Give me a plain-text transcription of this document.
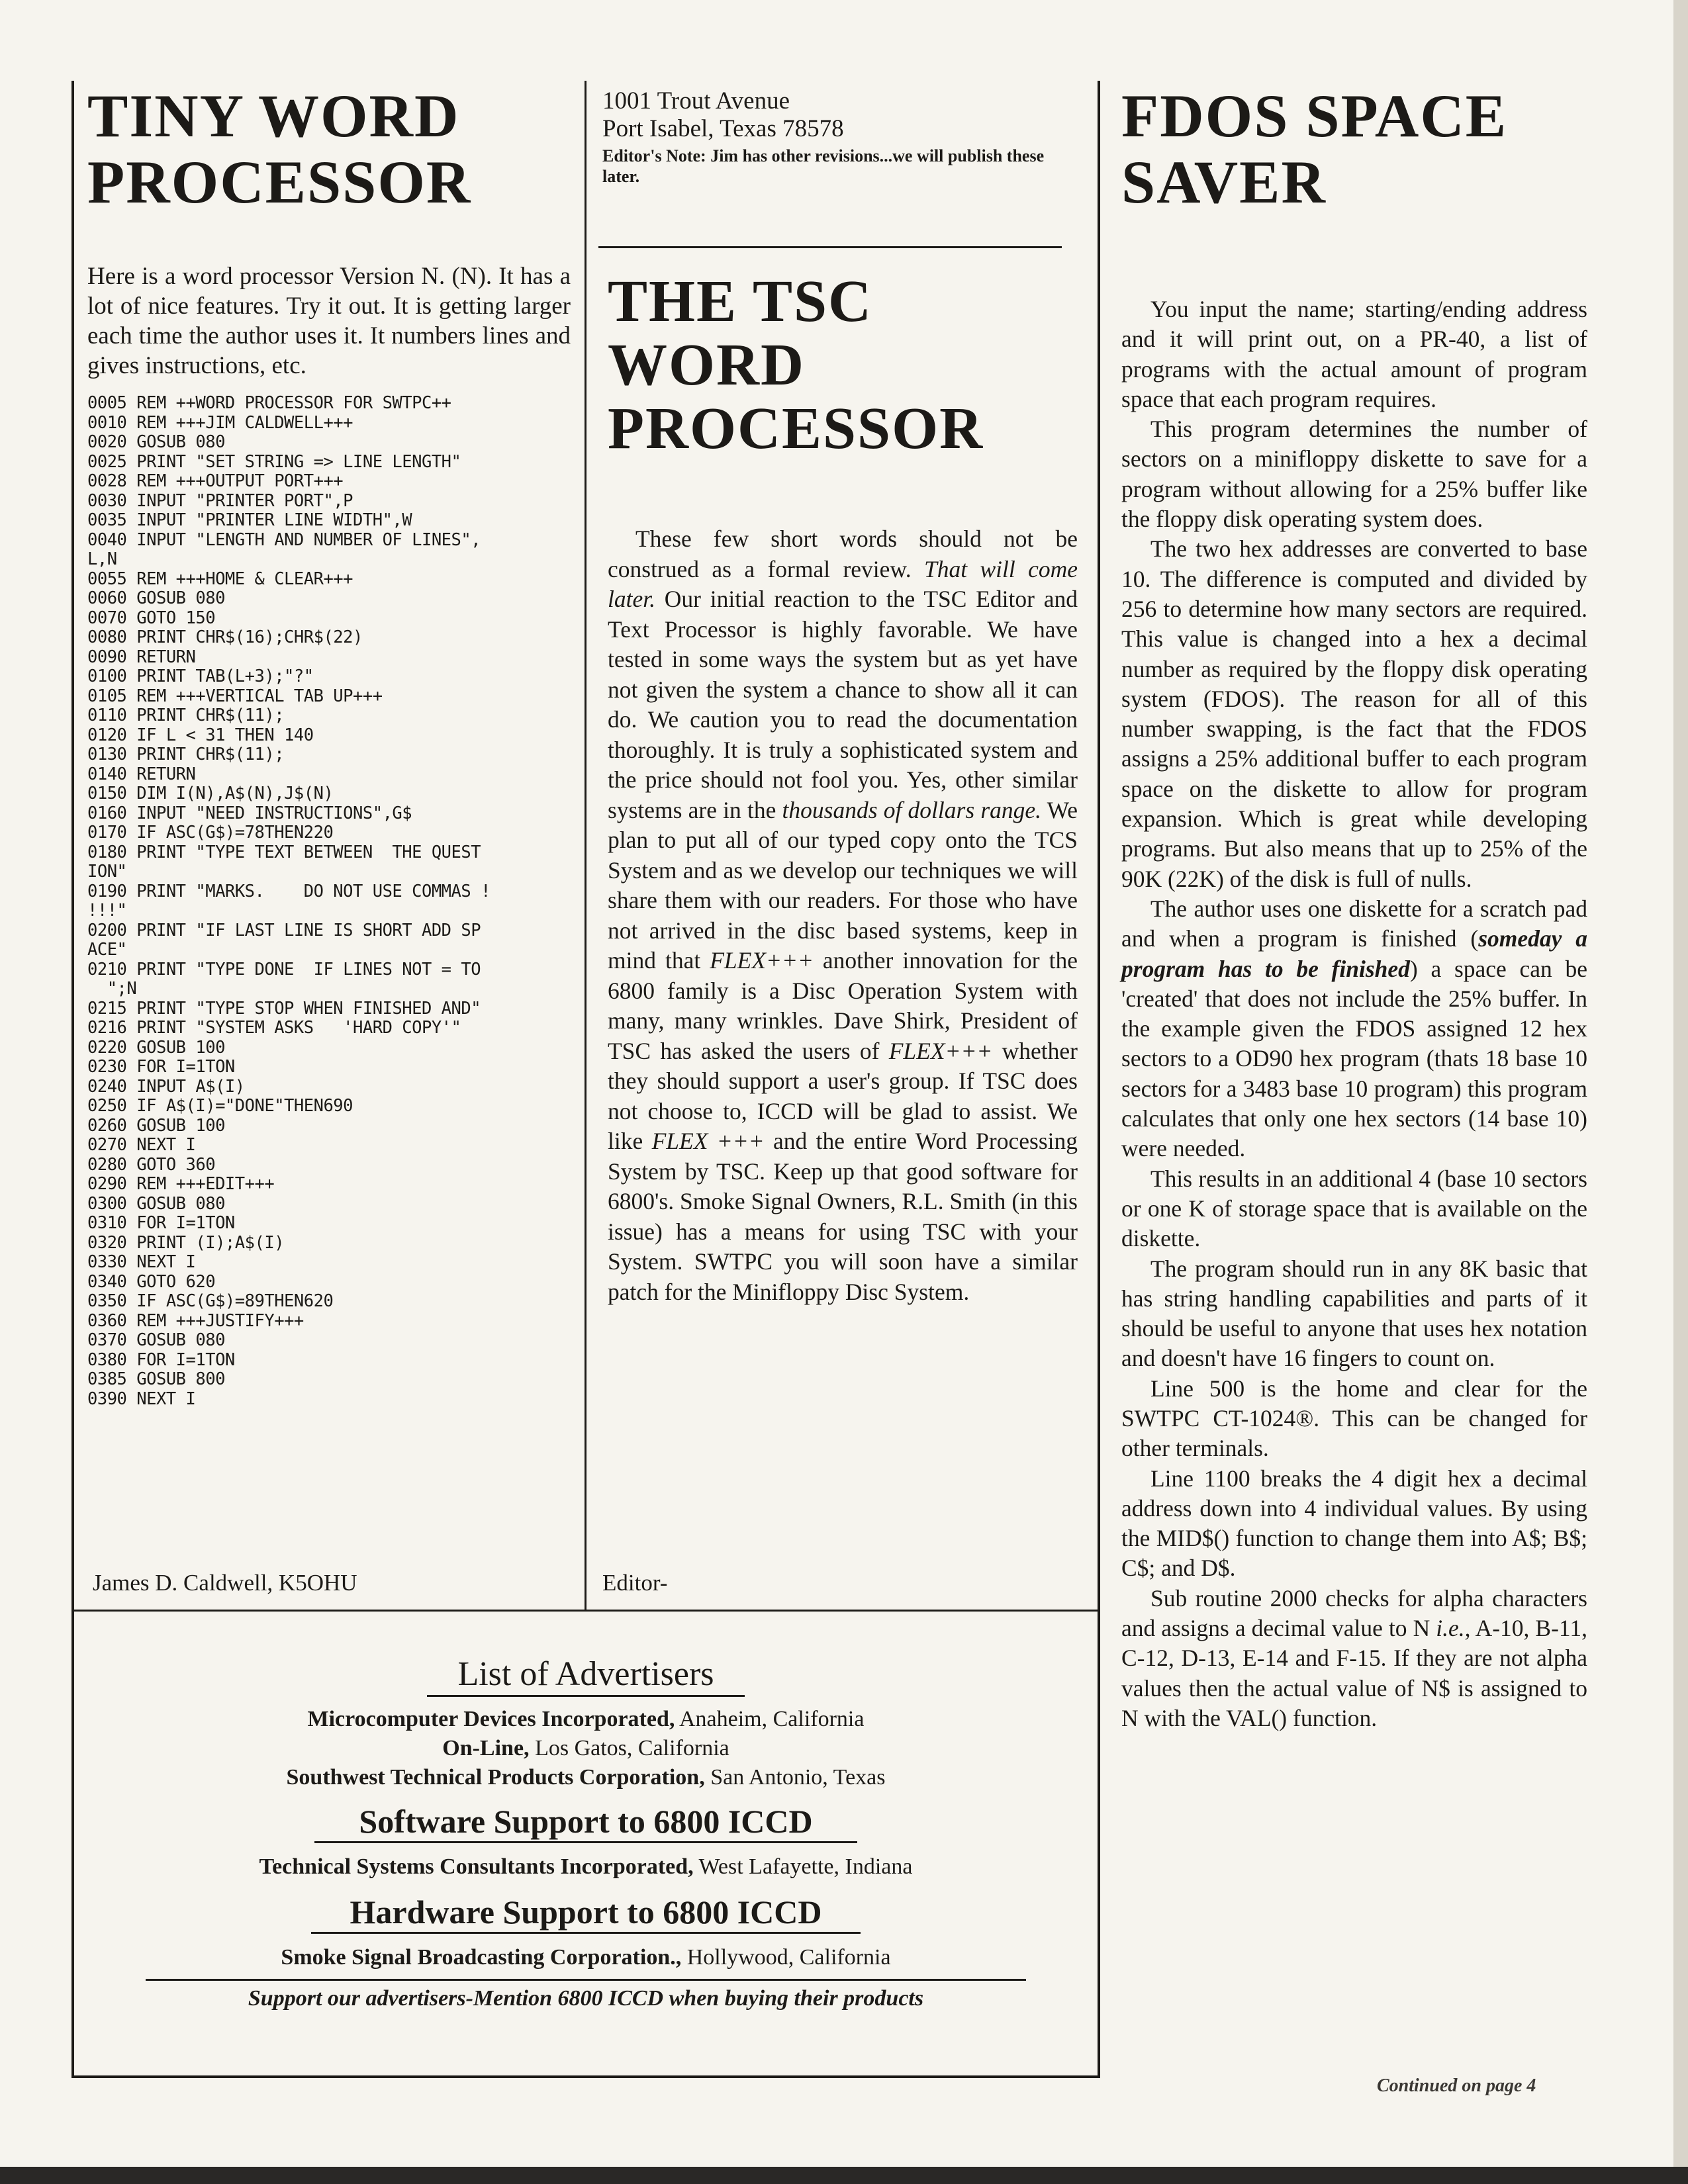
TINY WORD PROCESSOR

Here is a word processor Version N. (N). It has a lot of nice features. Try it out. It is getting larger each time the author uses it. It numbers lines and gives instructions, etc.

0005 REM ++WORD PROCESSOR FOR SWTPC++
0010 REM +++JIM CALDWELL+++
0020 GOSUB 080
0025 PRINT "SET STRING => LINE LENGTH"
0028 REM +++OUTPUT PORT+++
0030 INPUT "PRINTER PORT",P
0035 INPUT "PRINTER LINE WIDTH",W
0040 INPUT "LENGTH AND NUMBER OF LINES",
L,N
0055 REM +++HOME & CLEAR+++
0060 GOSUB 080
0070 GOTO 150
0080 PRINT CHR$(16);CHR$(22)
0090 RETURN
0100 PRINT TAB(L+3);"?"
0105 REM +++VERTICAL TAB UP+++
0110 PRINT CHR$(11);
0120 IF L < 31 THEN 140
0130 PRINT CHR$(11);
0140 RETURN
0150 DIM I(N),A$(N),J$(N)
0160 INPUT "NEED INSTRUCTIONS",G$
0170 IF ASC(G$)=78THEN220
0180 PRINT "TYPE TEXT BETWEEN  THE QUEST
ION"
0190 PRINT "MARKS.    DO NOT USE COMMAS !
!!!"
0200 PRINT "IF LAST LINE IS SHORT ADD SP
ACE"
0210 PRINT "TYPE DONE  IF LINES NOT = TO
";N
0215 PRINT "TYPE STOP WHEN FINISHED AND"
0216 PRINT "SYSTEM ASKS   'HARD COPY'"
0220 GOSUB 100
0230 FOR I=1TON
0240 INPUT A$(I)
0250 IF A$(I)="DONE"THEN690
0260 GOSUB 100
0270 NEXT I
0280 GOTO 360
0290 REM +++EDIT+++
0300 GOSUB 080
0310 FOR I=1TON
0320 PRINT (I);A$(I)
0330 NEXT I
0340 GOTO 620
0350 IF ASC(G$)=89THEN620
0360 REM +++JUSTIFY+++
0370 GOSUB 080
0380 FOR I=1TON
0385 GOSUB 800
0390 NEXT I
James D. Caldwell, K5OHU
1001 Trout Avenue
Port Isabel, Texas 78578
Editor's Note: Jim has other revisions...we will publish these later.
THE TSC WORD PROCESSOR

These few short words should not be construed as a formal review. That will come later. Our initial reaction to the TSC Editor and Text Processor is highly favorable. We have tested in some ways the system but as yet have not given the system a chance to show all it can do. We caution you to read the documentation thoroughly. It is truly a sophisticated system and the price should not fool you. Yes, other similar systems are in the thousands of dollars range. We plan to put all of our typed copy onto the TCS System and as we develop our techniques we will share them with our readers. For those who have not arrived in the disc based systems, keep in mind that FLEX+++ another innovation for the 6800 family is a Disc Operation System with many, many wrinkles. Dave Shirk, President of TSC has asked the users of FLEX+++ whether they should support a user's group. If TSC does not choose to, ICCD will be glad to assist. We like FLEX +++ and the entire Word Processing System by TSC. Keep up that good software for 6800's. Smoke Signal Owners, R.L. Smith (in this issue) has a means for using TSC with your System. SWTPC you will soon have a similar patch for the Minifloppy Disc System.

Editor-
FDOS SPACE SAVER

You input the name; starting/ending address and it will print out, on a PR-40, a list of programs with the actual amount of program space that each program requires.

This program determines the number of sectors on a minifloppy diskette to save for a program without allowing for a 25% buffer like the floppy disk operating system does.

The two hex addresses are converted to base 10. The difference is computed and divided by 256 to determine how many sectors are required. This value is changed into a hex a decimal number as required by the floppy disk operating system (FDOS). The reason for all of this number swapping, is the fact that the FDOS assigns a 25% additional buffer to each program space on the diskette to allow for program expansion. Which is great while developing programs. But also means that up to 25% of the 90K (22K) of the disk is full of nulls.

The author uses one diskette for a scratch pad and when a program is finished (someday a program has to be finished) a space can be 'created' that does not include the 25% buffer. In the example given the FDOS assigned 12 hex sectors to a OD90 hex program (thats 18 base 10 sectors for a 3483 base 10 program) this program calculates that only one hex sectors (14 base 10) were needed.

This results in an additional 4 (base 10 sectors or one K of storage space that is available on the diskette.

The program should run in any 8K basic that has string handling capabilities and parts of it should be useful to anyone that uses hex notation and doesn't have 16 fingers to count on.

Line 500 is the home and clear for the SWTPC CT-1024®. This can be changed for other terminals.

Line 1100 breaks the 4 digit hex a decimal address down into 4 individual values. By using the MID$() function to change them into A$; B$; C$; and D$.

Sub routine 2000 checks for alpha characters and assigns a decimal value to N i.e., A-10, B-11, C-12, D-13, E-14 and F-15. If they are not alpha values then the actual value of N$ is assigned to N with the VAL() function.

Continued on page 4
List of Advertisers
Microcomputer Devices Incorporated, Anaheim, California
On-Line, Los Gatos, California
Southwest Technical Products Corporation, San Antonio, Texas
Software Support to 6800 ICCD
Technical Systems Consultants Incorporated, West Lafayette, Indiana
Hardware Support to 6800 ICCD
Smoke Signal Broadcasting Corporation., Hollywood, California
Support our advertisers-Mention 6800 ICCD when buying their products
